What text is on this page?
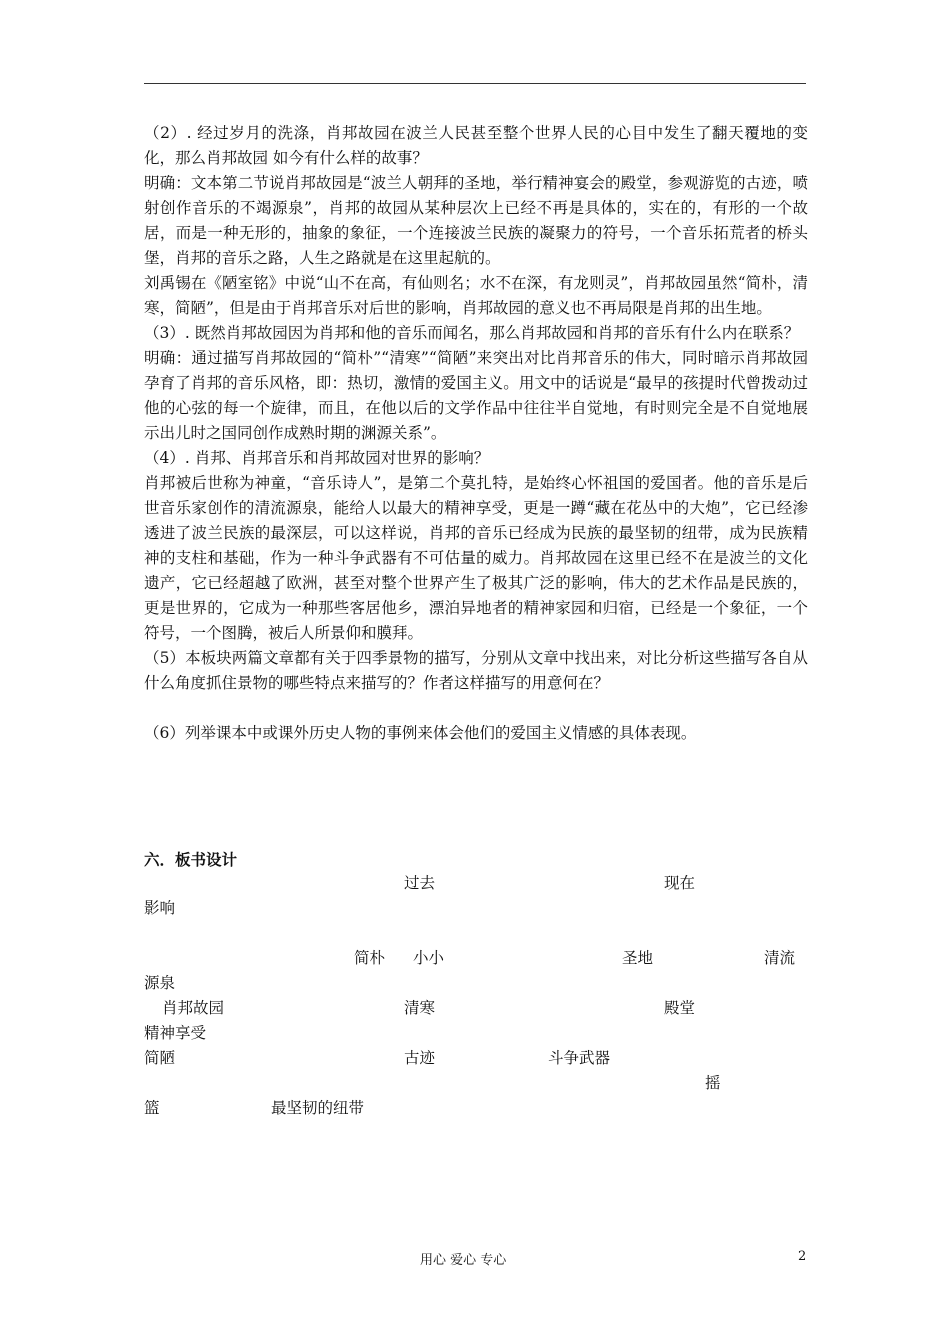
（2）. 经过岁月的洗涤，肖邦故园在波兰人民甚至整个世界人民的心目中发生了翻天覆地的变化，那么肖邦故园 如今有什么样的故事？

明确：文本第二节说肖邦故园是“波兰人朝拜的圣地，举行精神宴会的殿堂，参观游览的古迹，喷射创作音乐的不竭源泉”，肖邦的故园从某种层次上已经不再是具体的，实在的，有形的一个故居，而是一种无形的，抽象的象征，一个连接波兰民族的凝聚力的符号，一个音乐拓荒者的桥头堡，肖邦的音乐之路，人生之路就是在这里起航的。

刘禹锡在《陋室铭》中说“山不在高，有仙则名；水不在深，有龙则灵”，肖邦故园虽然“简朴，清寒，简陋”，但是由于肖邦音乐对后世的影响，肖邦故园的意义也不再局限是肖邦的出生地。

（3）. 既然肖邦故园因为肖邦和他的音乐而闻名，那么肖邦故园和肖邦的音乐有什么内在联系？

明确：通过描写肖邦故园的“简朴”“清寒”“简陋”来突出对比肖邦音乐的伟大，同时暗示肖邦故园孕育了肖邦的音乐风格，即：热切，激情的爱国主义。用文中的话说是“最早的孩提时代曾拨动过他的心弦的每一个旋律，而且，在他以后的文学作品中往往半自觉地，有时则完全是不自觉地展示出儿时之国同创作成熟时期的渊源关系”。

（4）. 肖邦、肖邦音乐和肖邦故园对世界的影响？

肖邦被后世称为神童，“音乐诗人”，是第二个莫扎特，是始终心怀祖国的爱国者。他的音乐是后世音乐家创作的清流源泉，能给人以最大的精神享受，更是一蹲“藏在花丛中的大炮”，它已经渗透进了波兰民族的最深层，可以这样说，肖邦的音乐已经成为民族的最坚韧的纽带，成为民族精神的支柱和基础，作为一种斗争武器有不可估量的威力。肖邦故园在这里已经不在是波兰的文化遗产，它已经超越了欧洲，甚至对整个世界产生了极其广泛的影响，伟大的艺术作品是民族的，更是世界的，它成为一种那些客居他乡，漂泊异地者的精神家园和归宿，已经是一个象征，一个符号，一个图腾，被后人所景仰和膜拜。

（5）本板块两篇文章都有关于四季景物的描写，分别从文章中找出来，对比分析这些描写各自从什么角度抓住景物的哪些特点来描写的？作者这样描写的用意何在？

（6）列举课本中或课外历史人物的事例来体会他们的爱国主义情感的具体表现。

六．板书设计
过去	现在
影响
简朴 小小	圣地	清流
源泉
肖邦故园	清寒	殿堂
精神享受
简陋	古迹	斗争武器
摇
篮	最坚韧的纽带
用心 爱心 专心	2
